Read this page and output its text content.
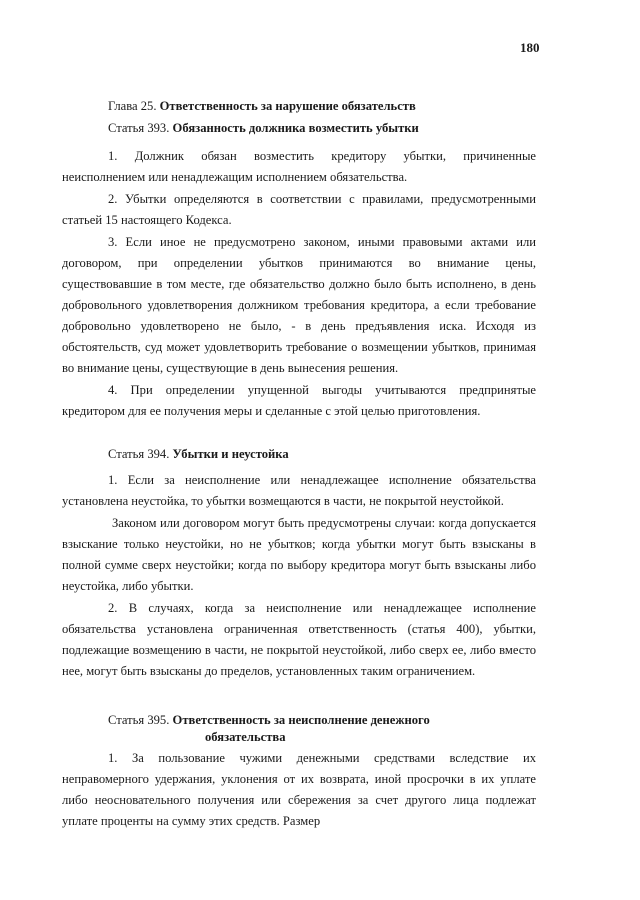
180
Глава 25. Ответственность за нарушение обязательств
Статья 393. Обязанность должника возместить убытки

1. Должник обязан возместить кредитору убытки, причиненные неисполнением или ненадлежащим исполнением обязательства.

2. Убытки определяются в соответствии с правилами, предусмотренными статьей 15 настоящего Кодекса.

3. Если иное не предусмотрено законом, иными правовыми актами или договором, при определении убытков принимаются во внимание цены, существовавшие в том месте, где обязательство должно было быть исполнено, в день добровольного удовлетворения должником требования кредитора, а если требование добровольно удовлетворено не было, - в день предъявления иска. Исходя из обстоятельств, суд может удовлетворить требование о возмещении убытков, принимая во внимание цены, существующие в день вынесения решения.

4. При определении упущенной выгоды учитываются предпринятые кредитором для ее получения меры и сделанные с этой целью приготовления.

Статья 394. Убытки и неустойка

1. Если за неисполнение или ненадлежащее исполнение обязательства установлена неустойка, то убытки возмещаются в части, не покрытой неустойкой.

Законом или договором могут быть предусмотрены случаи: когда допускается взыскание только неустойки, но не убытков; когда убытки могут быть взысканы в полной сумме сверх неустойки; когда по выбору кредитора могут быть взысканы либо неустойка, либо убытки.

2. В случаях, когда за неисполнение или ненадлежащее исполнение обязательства установлена ограниченная ответственность (статья 400), убытки, подлежащие возмещению в части, не покрытой неустойкой, либо сверх ее, либо вместо нее, могут быть взысканы до пределов, установленных таким ограничением.

Статья 395. Ответственность за неисполнение денежного
обязательства

1. За пользование чужими денежными средствами вследствие их неправомерного удержания, уклонения от их возврата, иной просрочки в их уплате либо неосновательного получения или сбережения за счет другого лица подлежат уплате проценты на сумму этих средств. Размер
